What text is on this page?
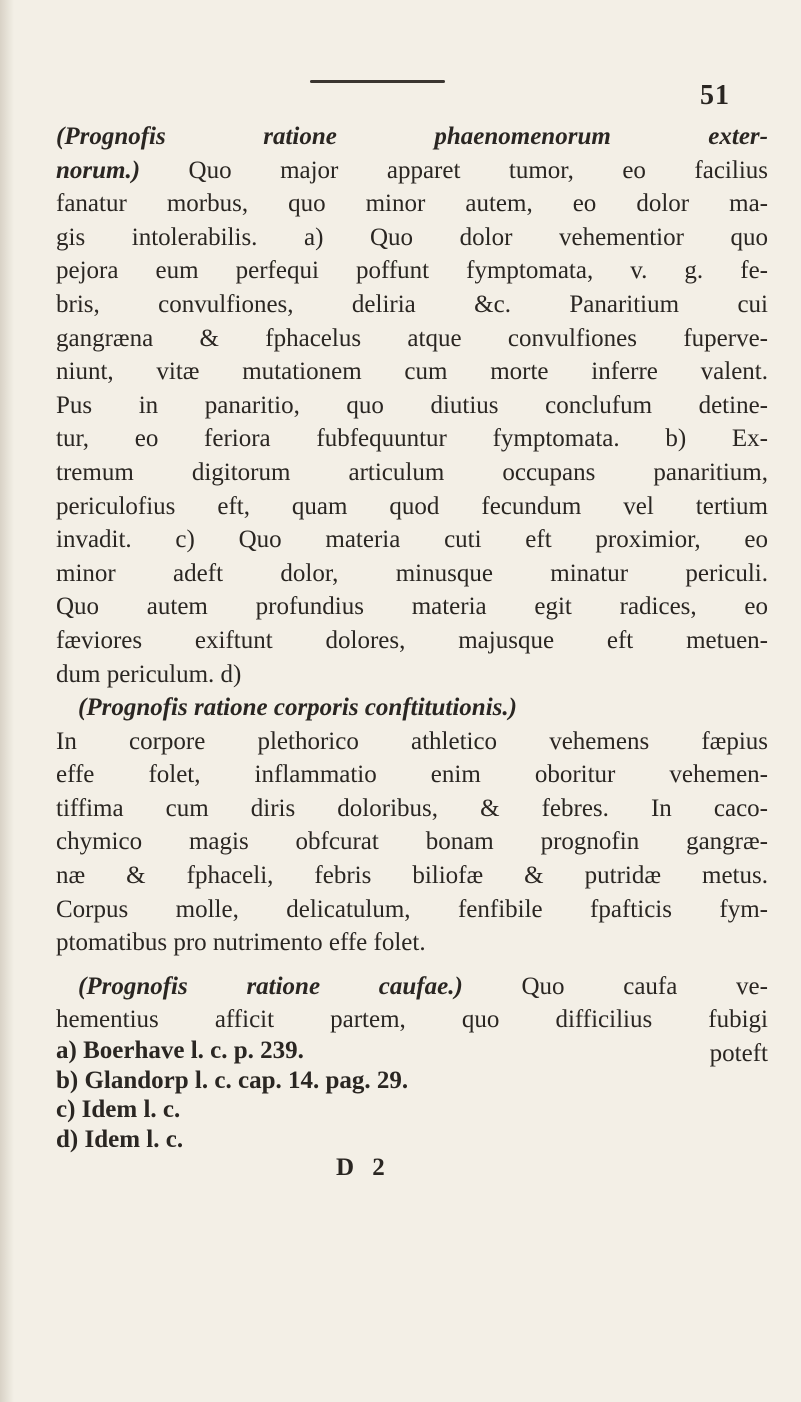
51
(Prognofis ratione phaenomenorum exter-
norum.) Quo major apparet tumor, eo facilius
fanatur morbus, quo minor autem, eo dolor ma-
gis intolerabilis. a) Quo dolor vehementior quo
pejora eum perfequi poffunt fymptomata, v. g. fe-
bris, convulfiones, deliria &c. Panaritium cui
gangræna & fphacelus atque convulfiones fuperve-
niunt, vitæ mutationem cum morte inferre valent.
Pus in panaritio, quo diutius conclufum detine-
tur, eo feriora fubfequuntur fymptomata. b) Ex-
tremum digitorum articulum occupans panaritium,
periculofius eft, quam quod fecundum vel tertium
invadit. c) Quo materia cuti eft proximior, eo
minor adeft dolor, minusque minatur periculi.
Quo autem profundius materia egit radices, eo
fæviores exiftunt dolores, majusque eft metuen-
dum periculum. d)
(Prognofis ratione corporis conftitutionis.)
In corpore plethorico athletico vehemens fæpius
effe folet, inflammatio enim oboritur vehemen-
tiffima cum diris doloribus, & febres. In caco-
chymico magis obfcurat bonam prognofin gangræ-
næ & fphaceli, febris biliofæ & putridæ metus.
Corpus molle, delicatulum, fenfibile fpafticis fym-
ptomatibus pro nutrimento effe folet.
(Prognofis ratione caufae.) Quo caufa ve-
hementius afficit partem, quo difficilius fubigi
poteft
a) Boerhave l. c. p. 239.
b) Glandorp l. c. cap. 14. pag. 29.
c) Idem l. c.
d) Idem l. c.
D 2
